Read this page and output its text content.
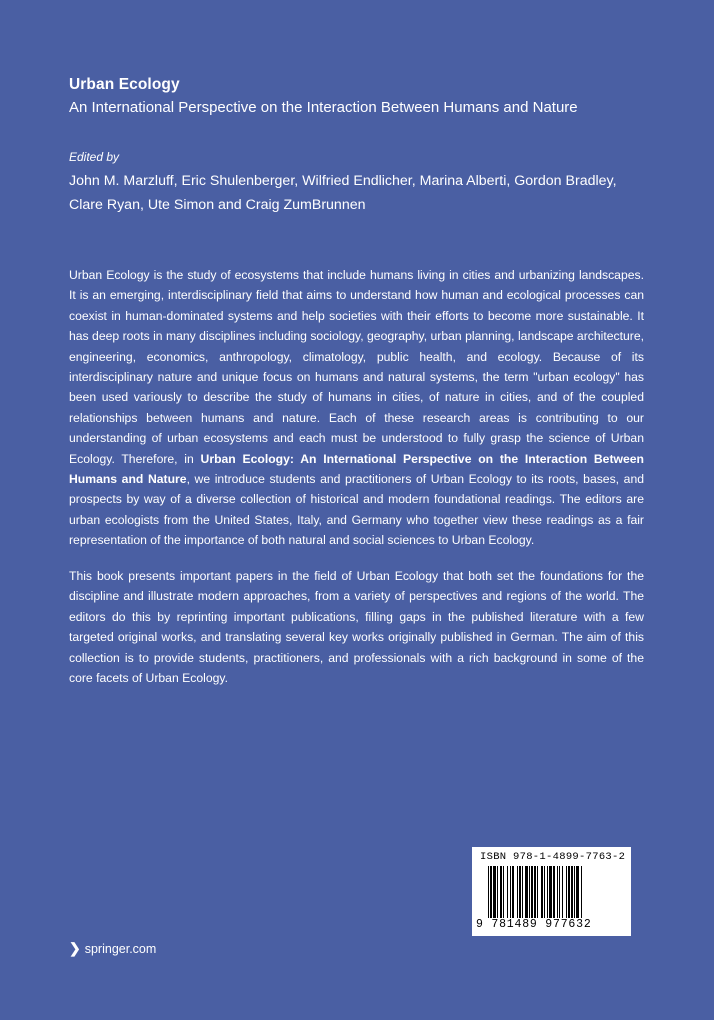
Urban Ecology
An International Perspective on the Interaction Between Humans and Nature
Edited by
John M. Marzluff, Eric Shulenberger, Wilfried Endlicher, Marina Alberti, Gordon Bradley,
Clare Ryan, Ute Simon and Craig ZumBrunnen
Urban Ecology is the study of ecosystems that include humans living in cities and urbanizing landscapes. It is an emerging, interdisciplinary field that aims to understand how human and ecological processes can coexist in human-dominated systems and help societies with their efforts to become more sustainable. It has deep roots in many disciplines including sociology, geography, urban planning, landscape architecture, engineering, economics, anthropology, climatology, public health, and ecology. Because of its interdisciplinary nature and unique focus on humans and natural systems, the term "urban ecology" has been used variously to describe the study of humans in cities, of nature in cities, and of the coupled relationships between humans and nature. Each of these research areas is contributing to our understanding of urban ecosystems and each must be understood to fully grasp the science of Urban Ecology. Therefore, in Urban Ecology: An International Perspective on the Interaction Between Humans and Nature, we introduce students and practitioners of Urban Ecology to its roots, bases, and prospects by way of a diverse collection of historical and modern foundational readings. The editors are urban ecologists from the United States, Italy, and Germany who together view these readings as a fair representation of the importance of both natural and social sciences to Urban Ecology.
This book presents important papers in the field of Urban Ecology that both set the foundations for the discipline and illustrate modern approaches, from a variety of perspectives and regions of the world. The editors do this by reprinting important publications, filling gaps in the published literature with a few targeted original works, and translating several key works originally published in German. The aim of this collection is to provide students, practitioners, and professionals with a rich background in some of the core facets of Urban Ecology.
ISBN 978-1-4899-7763-2
9 781489 977632
❯ springer.com
